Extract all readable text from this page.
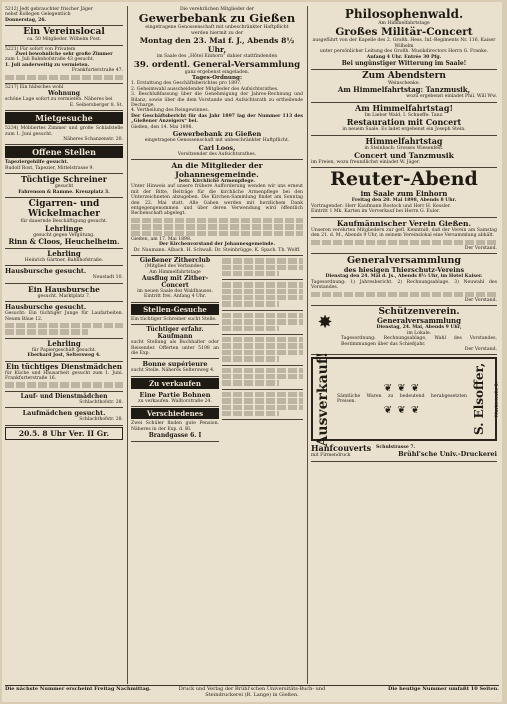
5212| Jedt gebrauchter frischer Jäger
nebst Kollegen Gelegentlich
Donnerstag, 26.
Ein Vereinslocal
ca. 50 Mitglieder. Wilhelm Post.
5221| Für sofort von Privatem
Zwei bewohnliche sehr große Zimmer
zum 1. Juli Bahnhofstraße 43 gesucht.
1. Juli anderweitig zu vermieten.
Frankfurterstraße 47.
5217| Ein hübsches wohl
Wohnung
schöne Lage sofort zu vermieten. Näheres bei
E. Seibersberger 8. St.
Mietgesuche
5234| Möbliertes Zimmer und große Schlafstelle zum 1. Juni gesucht.
Näheres Schanzenstr. 20.
Offene Stellen
Tapeziergehilfe gesucht.
Rudolf Rost, Tapezier, Mittelstrasse 9.
Tüchtige Schreiner
gesucht
Fahrenson & Ramme. Kreuzplatz 3.
Cigarren- und Wickelmacher
für dauernde Beschäftigung gesucht.
Lehrlinge
gesucht gegen Vergütung.
Rinn & Cloos, Heuchelheim.
Lehrling
Heinrich Gärtner, Bahnhofstraße.
Hausbursche gesucht.
Neustadt 10.
Ein Hausbursche
gesucht. Marktplatz 7.
Hausbursche gesucht.
Gesucht: Ein tüchtiger Junge für Laufarbeiten. Neuen Bäue 12.
Lehrling
für Papiergeschäft gesucht.
Eberhard Jost, Seltersweg 4.
Ein tüchtiges Dienstmädchen
für Küche und Hausarbeit gesucht zum 1. Juni. Frankfurterstraße 16.
Lauf- und Dienstmädchen
Schlachthofstr. 28.
Laufmädchen gesucht.
Schlachthofstr. 28.
20.5. 8 Uhr Ver. II Gr.
Die verehrlichen Mitglieder der
Gewerbebank zu Gießen
eingetragene Genossenschaft mit unbeschränkter Haftpflicht
werden hiermit zu der
Montag den 23. Mai f. J., Abends 8½ Uhr,
im Saale des „Hôtel Einhorn“ dahier stattfindenden
39. ordentl. General-Versammlung
ganz ergebenst eingeladen.
Tages-Ordnung:
1. Erstattung des Geschäftsberichtes pro 1897.
2. Geheimwahl ausscheidender Mitglieder des Aufsichtsrathes.
3. Beschlußfassung über die Genehmigung der Jahres-Rechnung und Bilanz, sowie über die dem Vorstande und Aufsichtsrath zu ertheilende Decharge.
4. Vertheilung des Reingewinnes.
Der Geschäftsbericht für das Jahr 1897 lag der Nummer 113 des „Gießener Anzeigers“ bei.
Gießen, den 14. Mai 1898.
Gewerbebank zu Gießen
eingetragene Genossenschaft mit unbeschränkter Haftpflicht.
Carl Loos,
Vorsitzender des Aufsichtsrathes.
An die Mitglieder der Johannesgemeinde.
betr. Kirchliche Armenpflege.
Unter Hinweis auf unsere frühere Aufforderung wenden wir uns erneut mit der Bitte, Beiträge für die kirchliche Armenpflege bei den Unterzeichneten abzugeben. Die Kirchen-Sammlung findet am Sonntag den 22. Mai statt. Alle Gaben werden mit herzlichem Dank entgegengenommen und über deren Verwendung wird öffentlich Rechenschaft abgelegt.
Gießen, am 17. Mai 1898.
Der Kirchenvorstand der Johannesgemeinde.
Dr. Naumann. Albach. H. Schwall. Dr. Steinbrügge. K. Spach. Th. Wolff.
Gießener Zitherclub
(Mitglied des Verbandes).
Am Himmelfahrtstage
Ausflug mit Zither-Concert
im neuen Saale des Waldhauses.
Eintritt frei. Anfang 4 Uhr.
Stellen-Gesuche
Ein tüchtiger Schreiner sucht Stelle.
Tüchtiger erfahr. Kaufmann
sucht Stellung als Buchhalter oder Reisender. Offerten unter 5198 an die Exp.
Bonne supérieure
sucht Stelle. Näheres Seltersweg 4.
Zu verkaufen
Eine Partie Bohnen
zu verkaufen. Walltorstraße 24.
Verschiedenes
Zwei Schüler finden gute Pension. Näheres in der Exp. d. Bl.
Brandgasse 6. I
Philosophenwald.
Am Himmelfahrtstage
Großes Militär-Concert
ausgeführt von der Kapelle des 2. Großh. Hess. Inf.-Regiments Nr. 116, Kaiser Wilhelm
unter persönlicher Leitung des Großh. Musikdirectors Herrn G. Franke.
Anfang 4 Uhr. Entrée 30 Pfg.
Bei ungünstiger Witterung im Saale!
Zum Abendstern
Weinschenke.
Am Himmelfahrtstag: Tanzmusik,
wozu ergebenst einladet Phil. Will Ww.
Am Himmelfahrtstag!
Im Lieber Wald, I. Schneffe: Tanz.
Restauration mit Concert
in neuem Saale. Es ladet ergebenst ein Joseph Stein.
Himmelfahrtstag
in Steinbach: Grosses Wiesenfest.
Concert und Tanzmusik
im Freien, wozu freundlichst einladet W. Jäger.
Reuter-Abend
im Saale zum Einhorn
Freitag den 20. Mai 1898, Abends 8 Uhr.
Vortragender: Herr Kaufmann Rostock und Herr H. Kessler.
Eintritt 1 Mk. Karten im Vorverkauf bei Herrn G. Euler.
Kaufmännischer Verein Gießen.
Unseren verehrten Mitgliedern zur gefl. Kenntniß, daß der Verein am Samstag den 21. d. M., Abends 9 Uhr, in seinem Vereinslokal eine Versammlung abhält.
Der Vorstand.
Generalversammlung
des hiesigen Thierschutz-Vereins
Dienstag den 24. Mai d. Js., Abends 8½ Uhr, im Hotel Kaiser.
Tagesordnung: 1) Jahresbericht. 2) Rechnungsablage. 3) Neuwahl des Vorstandes.
Der Vorstand.
✸	Schützenverein.
Generalversammlung
Dienstag, 24. Mai, Abends 9 Uhr,
im Lokale.
Tagesordnung: Rechnungsablage, Wahl des Vorstandes, Bestimmungen über das Schießjahr.
Der Vorstand.
Ausverkauf!	❦ ❦ ❦
Sämtliche Waren zu bedeutend herabgesetzten Preisen.
❦ ❦ ❦	S. Elsoffer, Marktstraße 5.
Hanfcouverts
mit Firmendruck
Schulstrasse 7.
Brühl'sche Univ.-Druckerei
Die nächste Nummer erscheint Freitag Nachmittag.	Druck und Verlag der Brühl'schen Universitäts-Buch- und Steindruckerei (R. Lange) in Gießen.
Die heutige Nummer umfaßt 10 Seiten.
